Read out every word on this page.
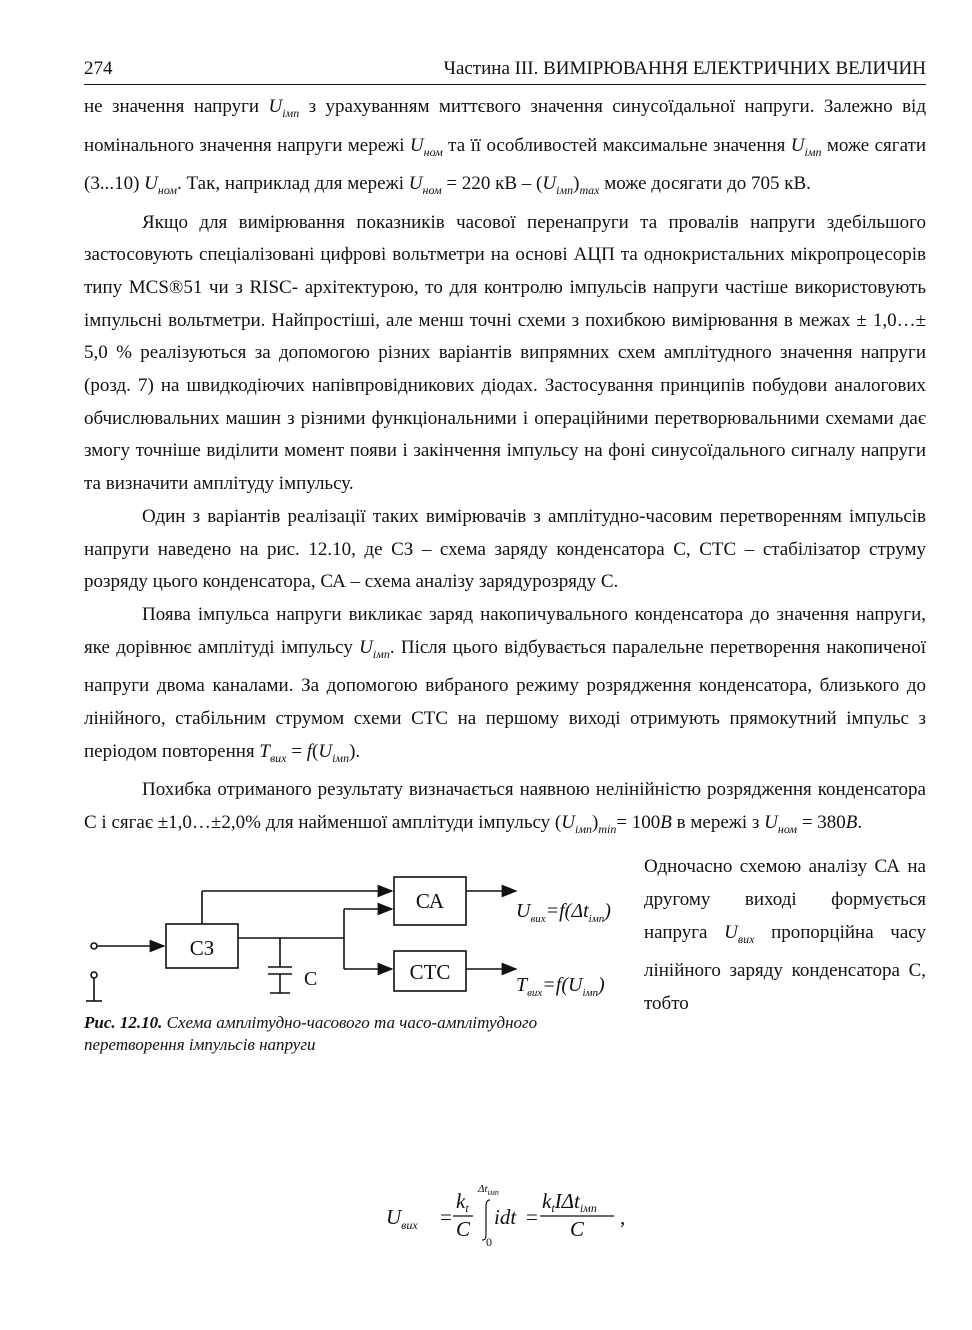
274	Частина III. ВИМІРЮВАННЯ ЕЛЕКТРИЧНИХ ВЕЛИЧИН

не значення напруги $U_{імп}$ з урахуванням миттєвого значення синусоїдальної напруги. Залежно від номінального значення напруги мережі $U_{ном}$ та її особливостей максимальне значення $U_{імп}$ може сягати (3...10) $U_{ном}$. Так, наприклад для мережі $U_{ном} = 220$ кВ – $(U_{імп})_{max}$ може досягати до 705 кВ.

Якщо для вимірювання показників часової перенапруги та провалів напруги здебільшого застосовують спеціалізовані цифрові вольтметри на основі АЦП та однокристальних мікропроцесорів типу MCS®51 чи з RISC- архітектурою, то для контролю імпульсів напруги частіше використовують імпульсні вольтметри. Найпростіші, але менш точні схеми з похибкою вимірювання в межах ± 1,0…± 5,0 % реалізуються за допомогою різних варіантів випрямних схем амплітудного значення напруги (розд. 7) на швидкодіючих напівпровідникових діодах. Застосування принципів побудови аналогових обчислювальних машин з різними функціональними і операційними перетворювальними схемами дає змогу точніше виділити момент появи і закінчення імпульсу на фоні синусоїдального сигналу напруги та визначити амплітуду імпульсу.

Один з варіантів реалізації таких вимірювачів з амплітудно-часовим перетворенням імпульсів напруги наведено на рис. 12.10, де СЗ – схема заряду конденсатора С, СТС – стабілізатор струму розряду цього конденсатора, СА – схема аналізу зарядурозряду С.

Поява імпульса напруги викликає заряд накопичувального конденсатора до значення напруги, яке дорівнює амплітуді імпульсу $U_{імп}$. Після цього відбувається паралельне перетворення накопиченої напруги двома каналами. За допомогою вибраного режиму розрядження конденсатора, близького до лінійного, стабільним струмом схеми СТС на першому виході отримують прямокутний імпульс з періодом повторення $T_{вих} = f(U_{імп})$.

Похибка отриманого результату визначається наявною нелінійністю розрядження конденсатора С і сягає ±1,0…±2,0% для найменшої амплітуди імпульсу $(U_{імп})_{min}= 100B$ в мережі з $U_{ном} = 380B$.

СЗ
СА
СТС
C
$U_{вих}=f(\Delta t_{імп})$
$T_{вих}=f(U_{імп})$
Рис. 12.10. Схема амплітудно-часового та часо-амплітудного перетворення імпульсів напруги
Одночасно схемою аналізу СА на другому виході формується напруга $U_{вих}$ пропорційна часу лінійного заряду конденсатора С, тобто
$U_{вих}$ =
kt
C
$\Delta t_{імп}$
0
idt =
ktIΔtімп
C ,
